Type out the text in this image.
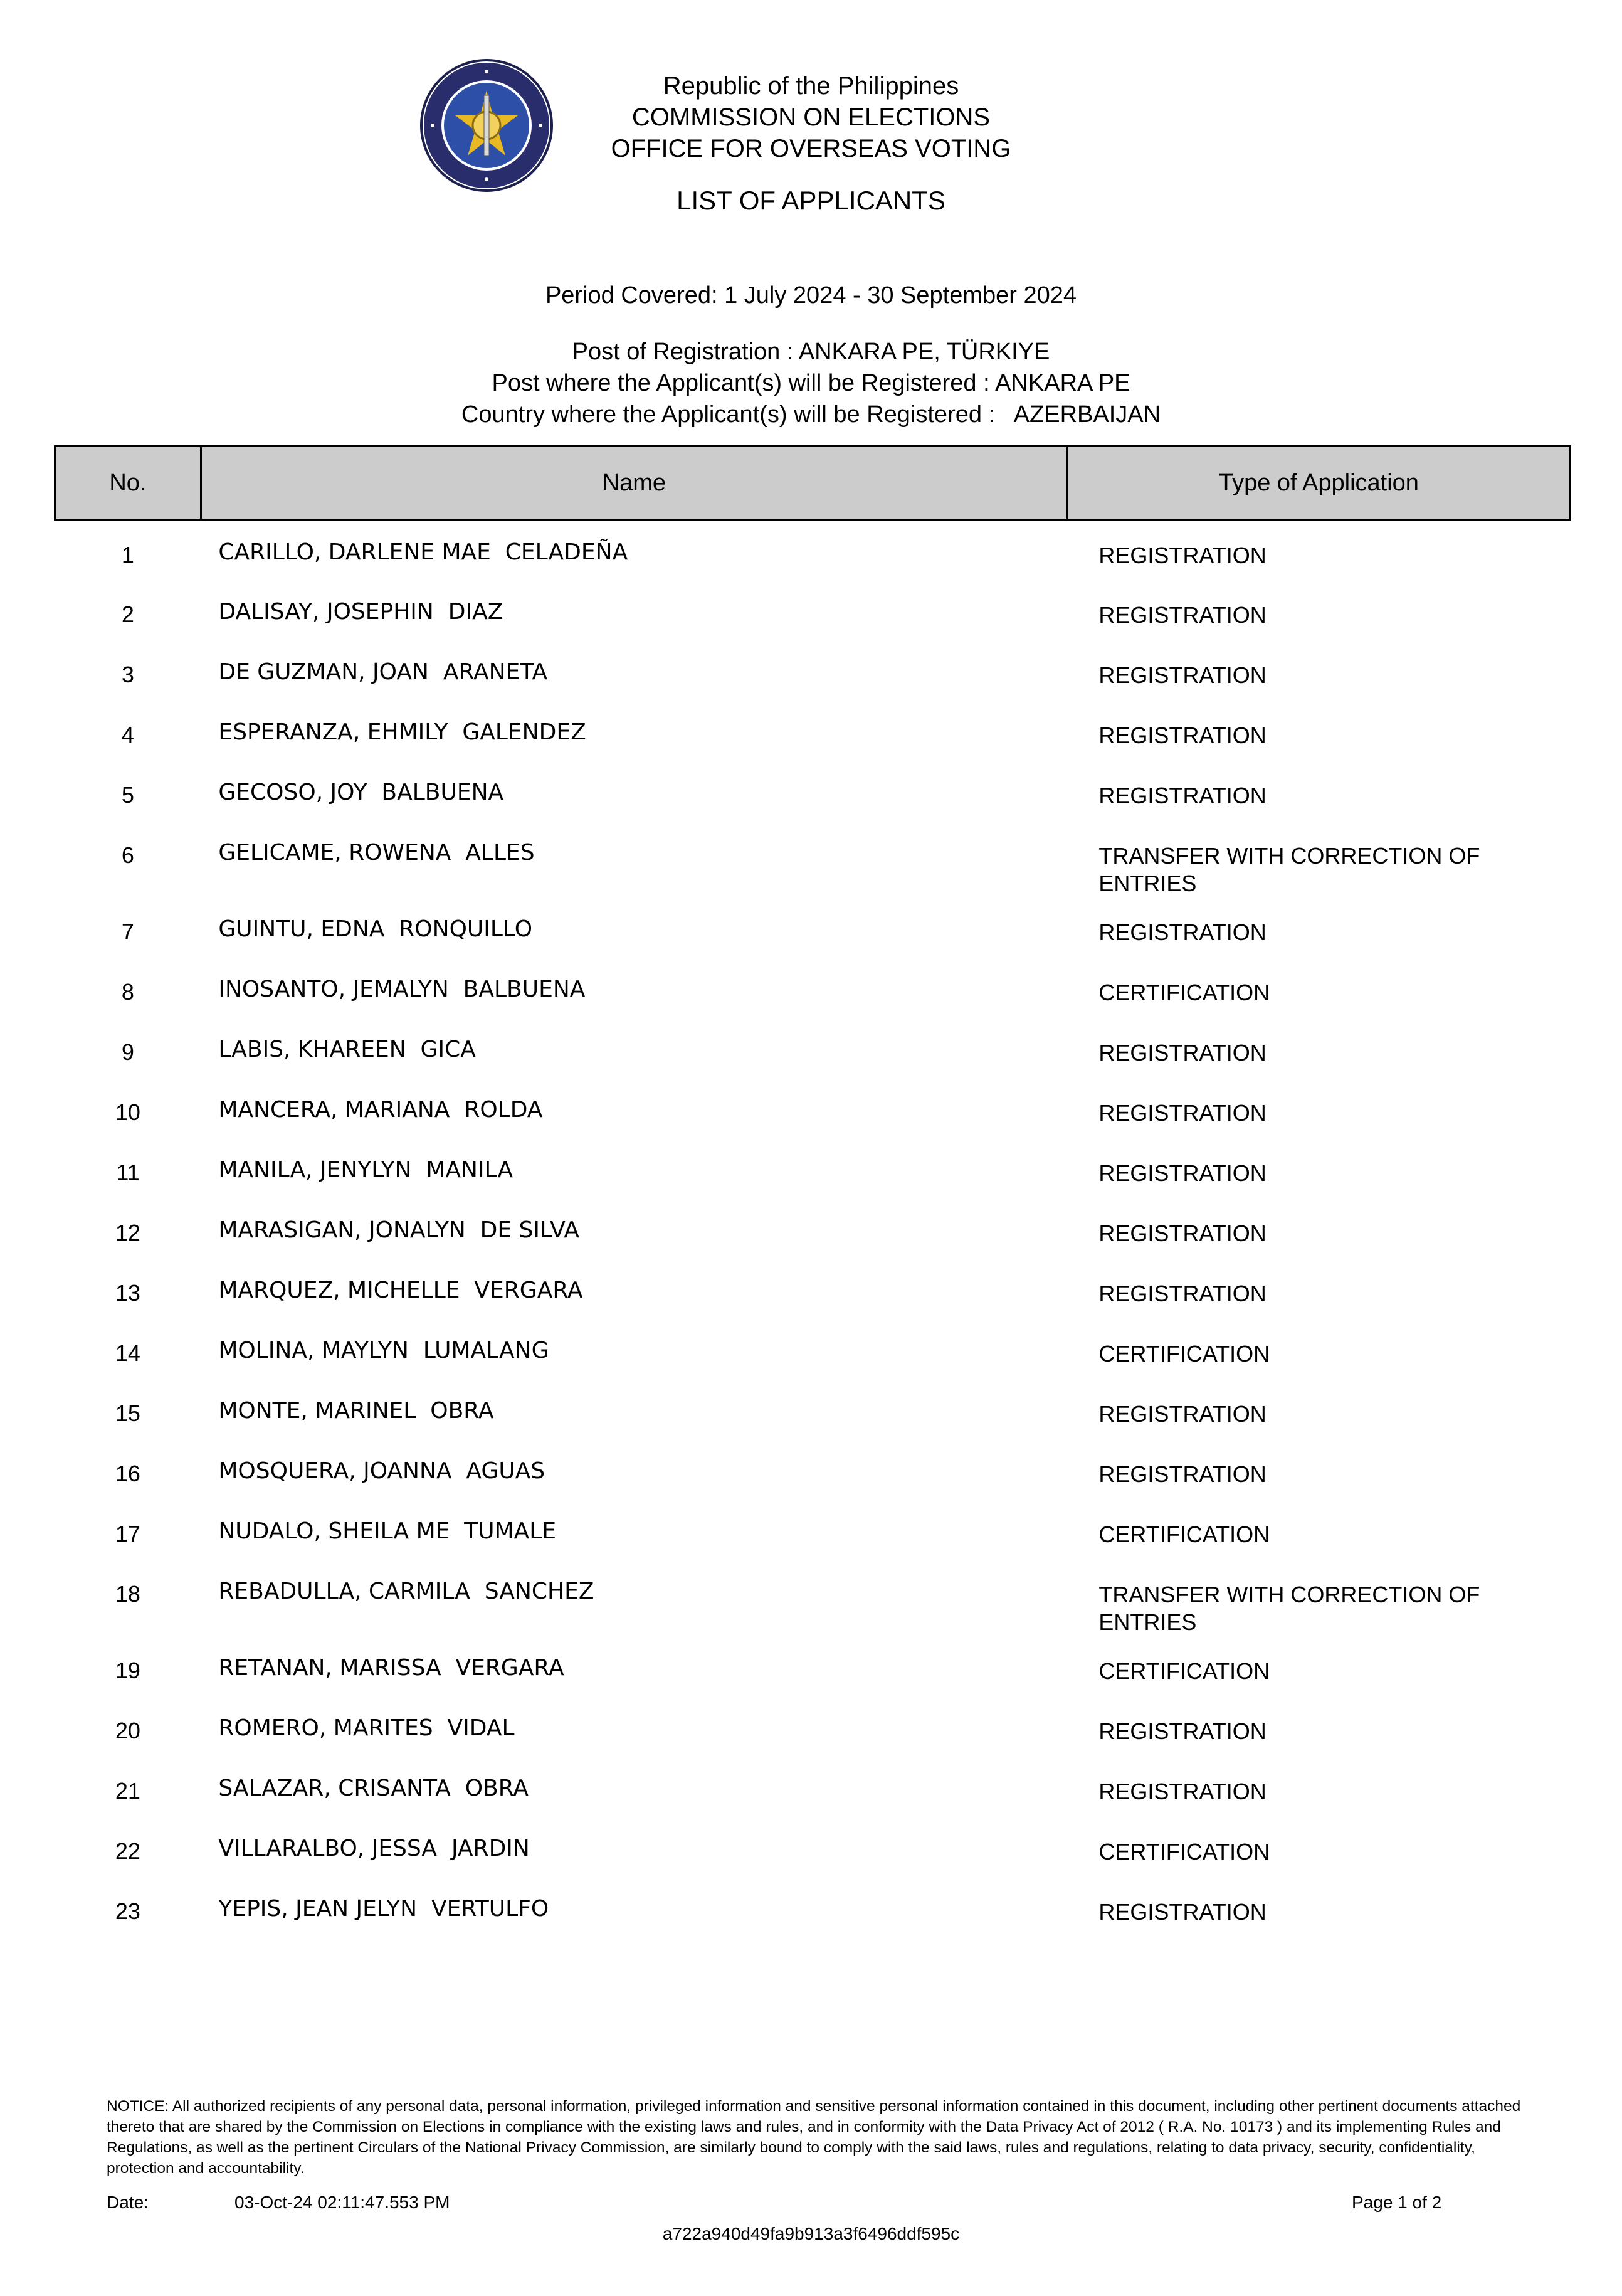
Republic of the Philippines
COMMISSION ON ELECTIONS
OFFICE FOR OVERSEAS VOTING
LIST OF APPLICANTS
Period Covered: 1 July 2024 - 30 September 2024
Post of Registration : ANKARA PE, TÜRKIYE
Post where the Applicant(s) will be Registered : ANKARA PE
Country where the Applicant(s) will be Registered :   AZERBAIJAN
No.	Name	Type of Application
1	CARILLO, DARLENE MAE  CELADEÑA	REGISTRATION
2	DALISAY, JOSEPHIN  DIAZ	REGISTRATION
3	DE GUZMAN, JOAN  ARANETA	REGISTRATION
4	ESPERANZA, EHMILY  GALENDEZ	REGISTRATION
5	GECOSO, JOY  BALBUENA	REGISTRATION
6	GELICAME, ROWENA  ALLES	TRANSFER WITH CORRECTION OF ENTRIES
7	GUINTU, EDNA  RONQUILLO	REGISTRATION
8	INOSANTO, JEMALYN  BALBUENA	CERTIFICATION
9	LABIS, KHAREEN  GICA	REGISTRATION
10	MANCERA, MARIANA  ROLDA	REGISTRATION
11	MANILA, JENYLYN  MANILA	REGISTRATION
12	MARASIGAN, JONALYN  DE SILVA	REGISTRATION
13	MARQUEZ, MICHELLE  VERGARA	REGISTRATION
14	MOLINA, MAYLYN  LUMALANG	CERTIFICATION
15	MONTE, MARINEL  OBRA	REGISTRATION
16	MOSQUERA, JOANNA  AGUAS	REGISTRATION
17	NUDALO, SHEILA ME  TUMALE	CERTIFICATION
18	REBADULLA, CARMILA  SANCHEZ	TRANSFER WITH CORRECTION OF ENTRIES
19	RETANAN, MARISSA  VERGARA	CERTIFICATION
20	ROMERO, MARITES  VIDAL	REGISTRATION
21	SALAZAR, CRISANTA  OBRA	REGISTRATION
22	VILLARALBO, JESSA  JARDIN	CERTIFICATION
23	YEPIS, JEAN JELYN  VERTULFO	REGISTRATION
NOTICE: All authorized recipients of any personal data, personal information, privileged information and sensitive personal information contained in this document, including other pertinent documents attached thereto that are shared by the Commission on Elections in compliance with the existing laws and rules, and in conformity with the Data Privacy Act of 2012 ( R.A. No. 10173 ) and its implementing Rules and Regulations, as well as the pertinent Circulars of the National Privacy Commission, are similarly bound to comply with the said laws, rules and regulations, relating to data privacy, security, confidentiality, protection and accountability.
Date:	03-Oct-24 02:11:47.553 PM	Page 1 of 2
a722a940d49fa9b913a3f6496ddf595c
